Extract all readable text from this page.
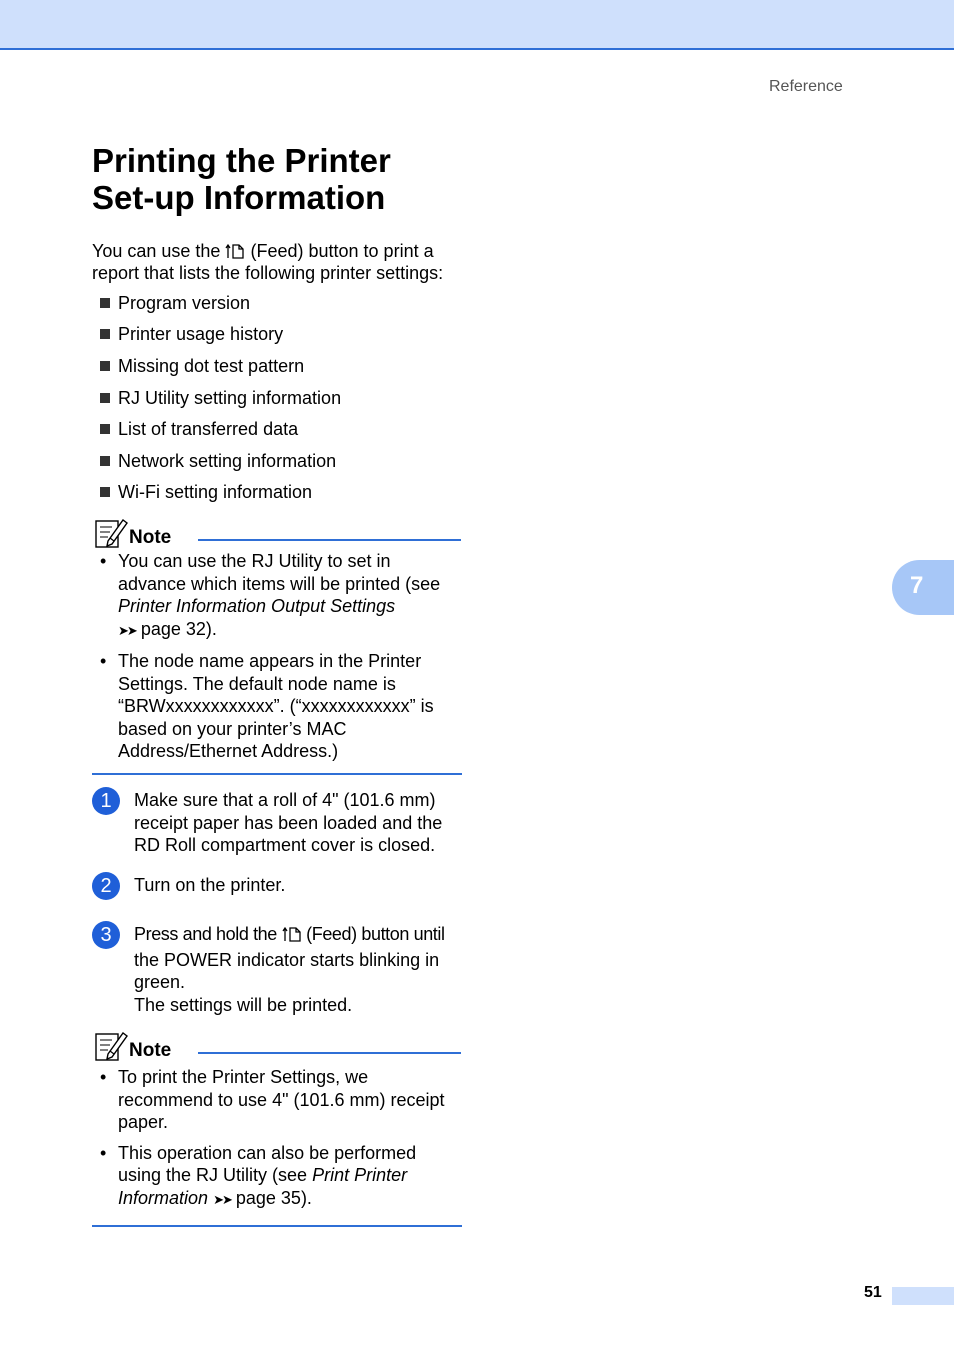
Reference
Printing the Printer
Set-up Information
You can use the (Feed) button to print a
report that lists the following printer settings:
Program version
Printer usage history
Missing dot test pattern
RJ Utility setting information
List of transferred data
Network setting information
Wi-Fi setting information
Note
• You can use the RJ Utility to set in
advance which items will be printed (see
Printer Information Output Settings
➤➤ page 32).
• The node name appears in the Printer
Settings. The default node name is
“BRWxxxxxxxxxxxx”. (“xxxxxxxxxxxx” is
based on your printer’s MAC
Address/Ethernet Address.)
1	Make sure that a roll of 4" (101.6 mm)
receipt paper has been loaded and the
RD Roll compartment cover is closed.
2	Turn on the printer.
3	Press and hold the (Feed) button until
the POWER indicator starts blinking in
green.
The settings will be printed.
Note
• To print the Printer Settings, we
recommend to use 4" (101.6 mm) receipt
paper.
• This operation can also be performed
using the RJ Utility (see Print Printer
Information ➤➤ page 35).
7
51
